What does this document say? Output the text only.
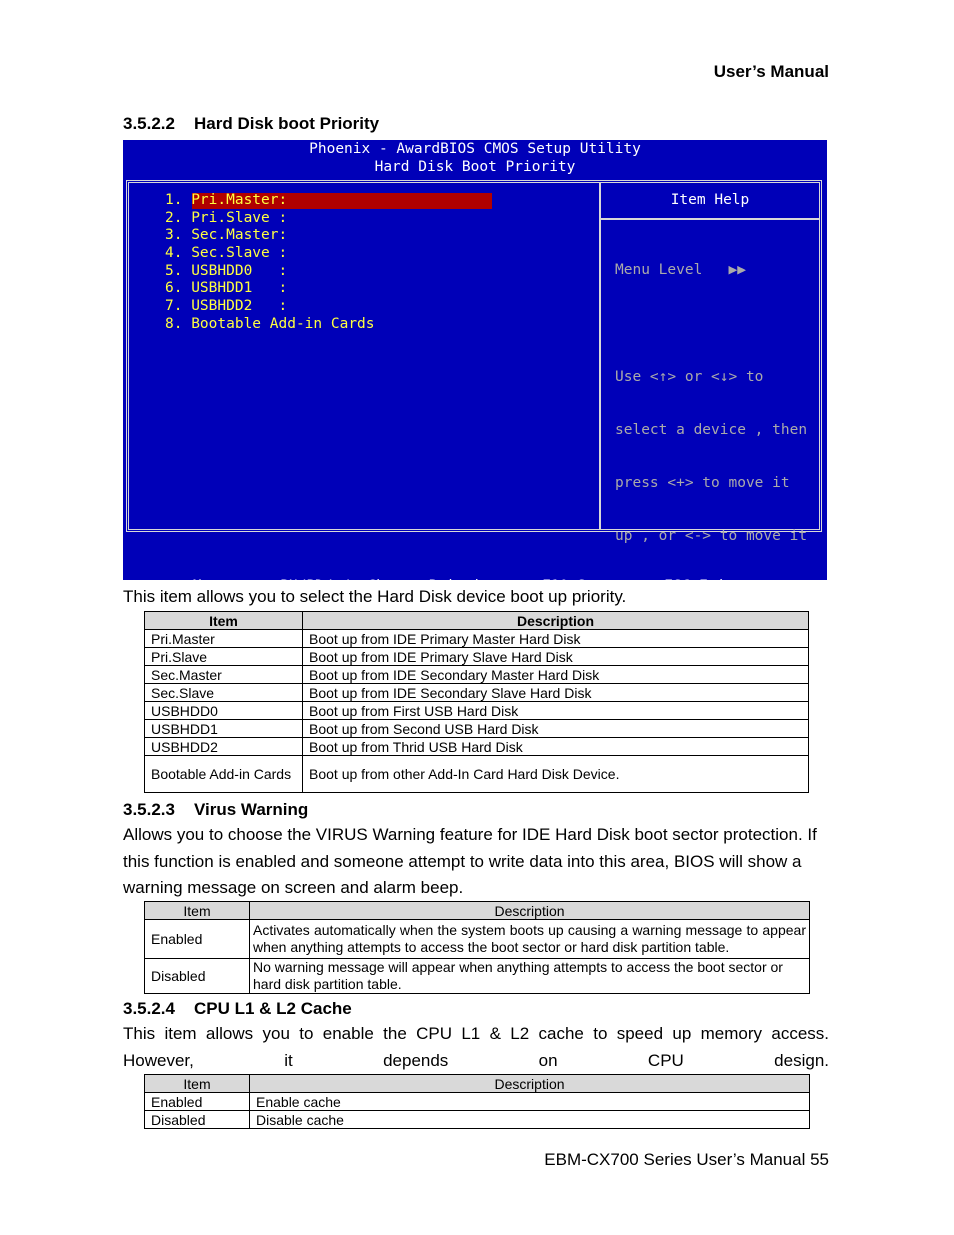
User’s Manual
3.5.2.2 Hard Disk boot Priority
Phoenix - AwardBIOS CMOS Setup Utility
Hard Disk Boot Priority
1. Pri.Master:
2. Pri.Slave :
3. Sec.Master:
4. Sec.Slave :
5. USBHDD0   :
6. USBHDD1   :
7. USBHDD2   :
8. Bootable Add-in Cards
Item Help

Menu Level   ▶▶

Use <↑> or <↓> to

select a device , then

press <+> to move it

up , or <-> to move it

This item allows you to select the Hard Disk device boot up priority.
Item	Description
Pri.Master	Boot up from IDE Primary Master Hard Disk
Pri.Slave	Boot up from IDE Primary Slave Hard Disk
Sec.Master	Boot up from IDE Secondary Master Hard Disk
Sec.Slave	Boot up from IDE Secondary Slave Hard Disk
USBHDD0	Boot up from First USB Hard Disk
USBHDD1	Boot up from Second USB Hard Disk
USBHDD2	Boot up from Thrid USB Hard Disk
Bootable Add-in Cards	Boot up from other Add-In Card Hard Disk Device.
3.5.2.3 Virus Warning
Allows you to choose the VIRUS Warning feature for IDE Hard Disk boot sector protection. If this function is enabled and someone attempt to write data into this area, BIOS will show a warning message on screen and alarm beep.
Item	Description
Enabled	Activates automatically when the system boots up causing a warning message to appear when anything attempts to access the boot sector or hard disk partition table.
Disabled	No warning message will appear when anything attempts to access the boot sector or hard disk partition table.
3.5.2.4 CPU L1 & L2 Cache
This item allows you to enable the CPU L1 & L2 cache to speed up memory access. However, it depends on CPU design.
Item	Description
Enabled	Enable cache
Disabled	Disable cache
EBM-CX700 Series User’s Manual 55
